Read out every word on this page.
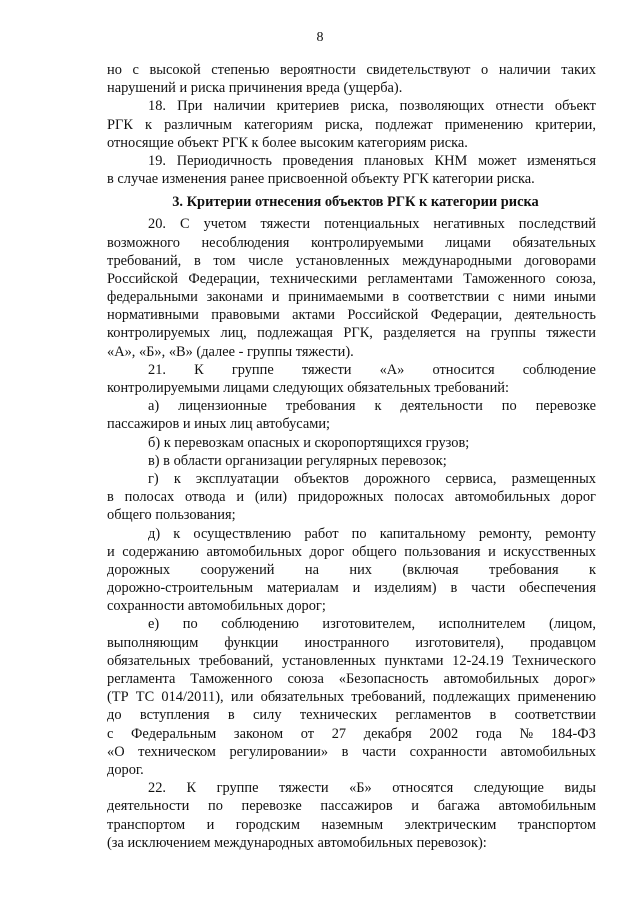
8
но с высокой степенью вероятности свидетельствуют о наличии таких
нарушений и риска причинения вреда (ущерба).
18. При наличии критериев риска, позволяющих отнести объект
РГК к различным категориям риска, подлежат применению критерии,
относящие объект РГК к более высоким категориям риска.
19. Периодичность проведения плановых КНМ может изменяться
в случае изменения ранее присвоенной объекту РГК категории риска.
3. Критерии отнесения объектов РГК к категории риска
20. С учетом тяжести потенциальных негативных последствий
возможного несоблюдения контролируемыми лицами обязательных
требований, в том числе установленных международными договорами
Российской Федерации, техническими регламентами Таможенного союза,
федеральными законами и принимаемыми в соответствии с ними иными
нормативными правовыми актами Российской Федерации, деятельность
контролируемых лиц, подлежащая РГК, разделяется на группы тяжести
«А», «Б», «В» (далее - группы тяжести).
21. К группе тяжести «А» относится соблюдение
контролируемыми лицами следующих обязательных требований:
а) лицензионные требования к деятельности по перевозке
пассажиров и иных лиц автобусами;
б) к перевозкам опасных и скоропортящихся грузов;
в) в области организации регулярных перевозок;
г) к эксплуатации объектов дорожного сервиса, размещенных
в полосах отвода и (или) придорожных полосах автомобильных дорог
общего пользования;
д) к осуществлению работ по капитальному ремонту, ремонту
и содержанию автомобильных дорог общего пользования и искусственных
дорожных сооружений на них (включая требования к
дорожно-строительным материалам и изделиям) в части обеспечения
сохранности автомобильных дорог;
е) по соблюдению изготовителем, исполнителем (лицом,
выполняющим функции иностранного изготовителя), продавцом
обязательных требований, установленных пунктами 12-24.19 Технического
регламента Таможенного союза «Безопасность автомобильных дорог»
(ТР ТС 014/2011), или обязательных требований, подлежащих применению
до вступления в силу технических регламентов в соответствии
с Федеральным законом от 27 декабря 2002 года № 184-ФЗ
«О техническом регулировании» в части сохранности автомобильных
дорог.
22. К группе тяжести «Б» относятся следующие виды
деятельности по перевозке пассажиров и багажа автомобильным
транспортом и городским наземным электрическим транспортом
(за исключением международных автомобильных перевозок):
